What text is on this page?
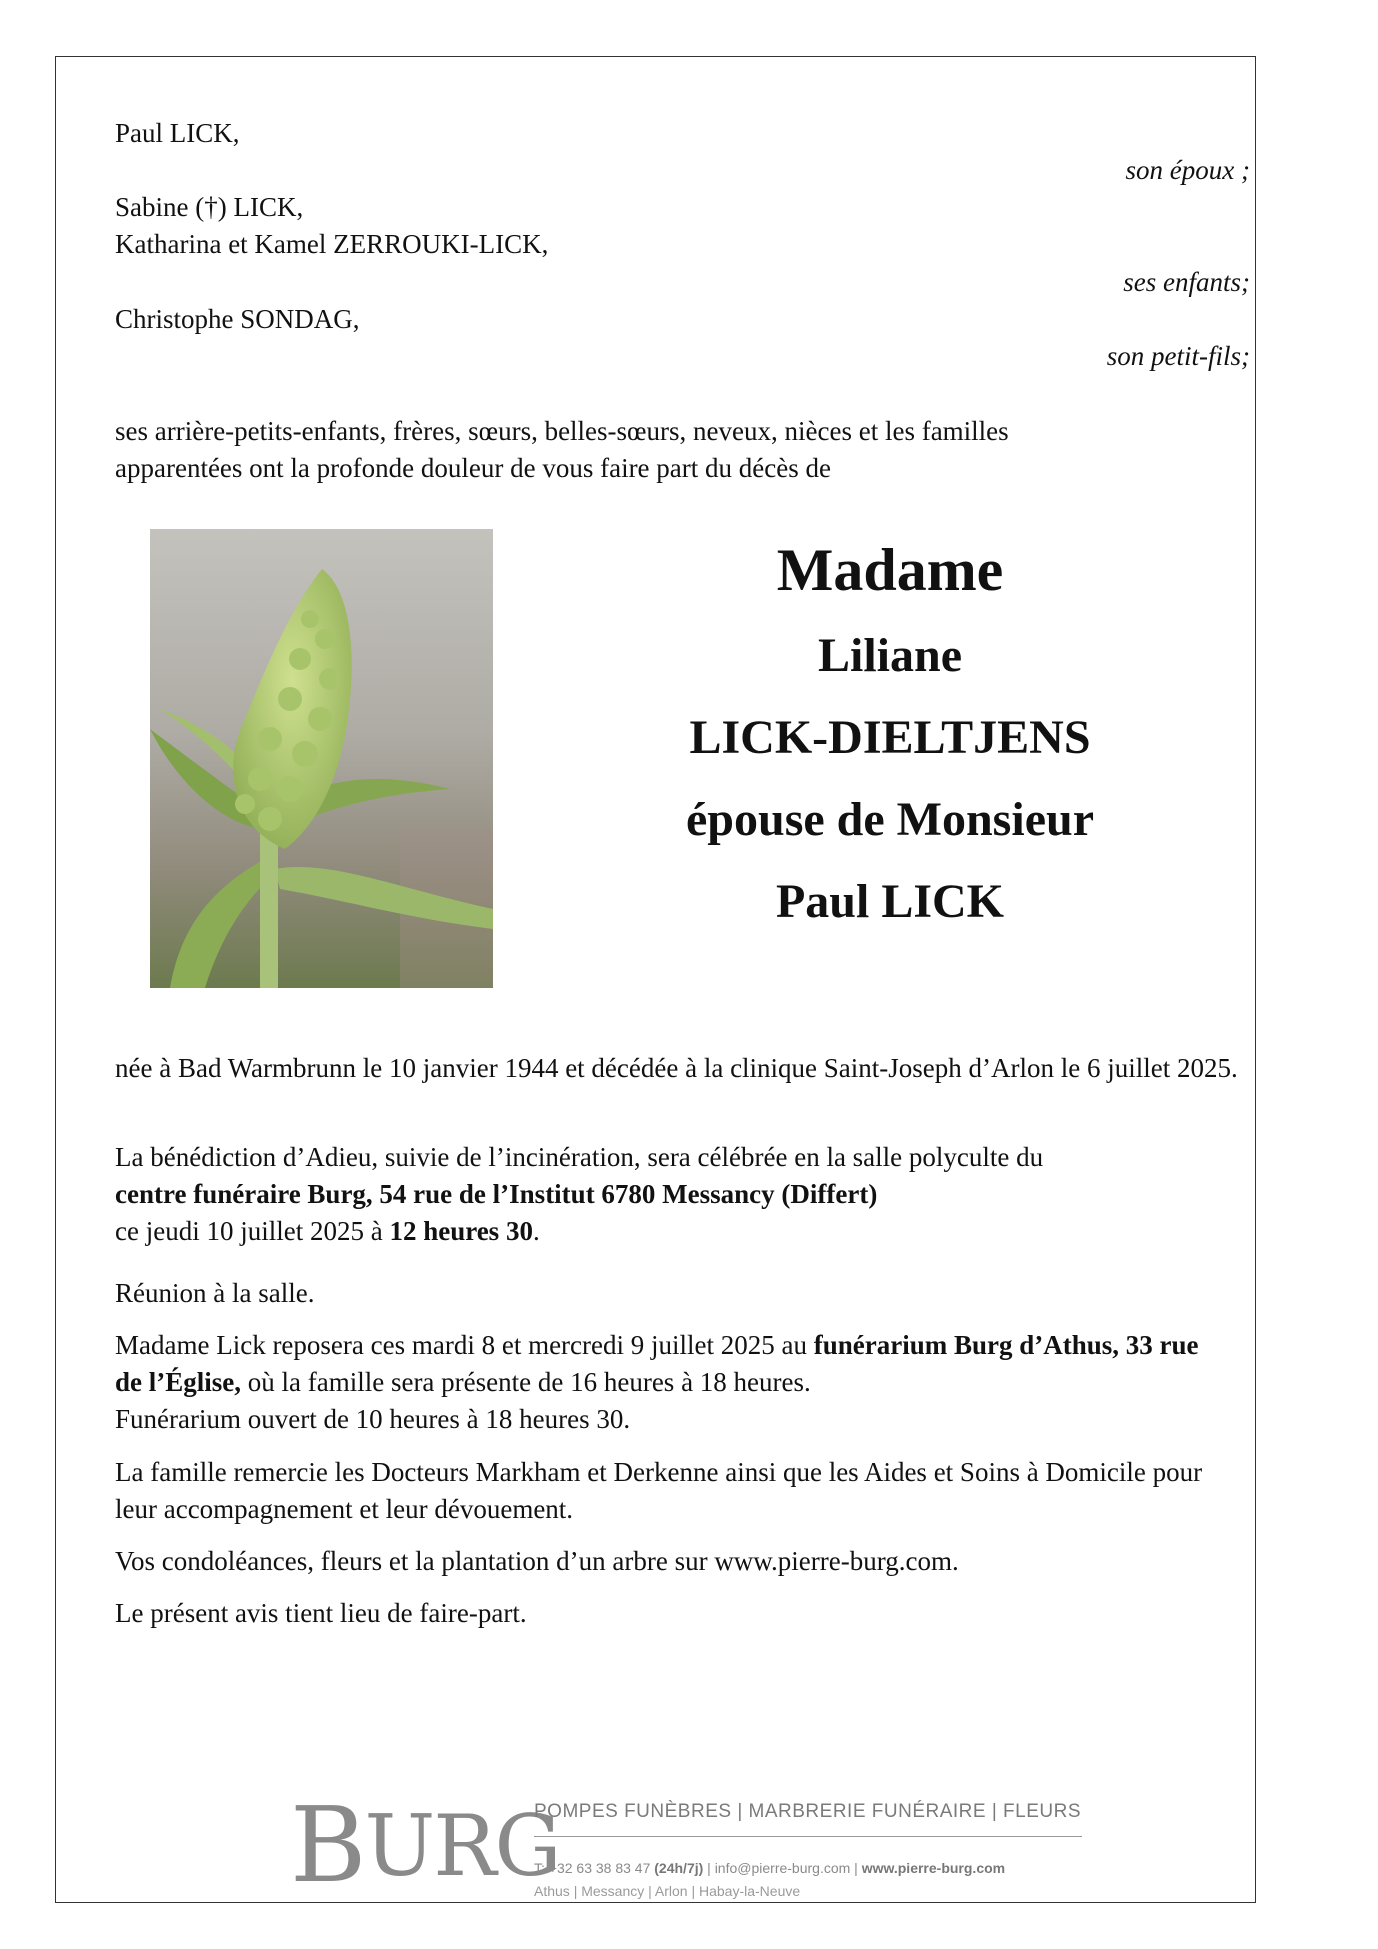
Paul LICK,
son époux ;
Sabine (†) LICK,
Katharina et Kamel ZERROUKI-LICK,
ses enfants;
Christophe SONDAG,
son petit-fils;
ses arrière-petits-enfants, frères, sœurs, belles-sœurs, neveux, nièces et les familles
apparentées ont la profonde douleur de vous faire part du décès de
Madame
Liliane
LICK-DIELTJENS
épouse de Monsieur
Paul LICK
née à Bad Warmbrunn le 10 janvier 1944 et décédée à la clinique Saint-Joseph d’Arlon le 6 juillet 2025.
La bénédiction d’Adieu, suivie de l’incinération, sera célébrée en la salle polyculte du
centre funéraire Burg, 54 rue de l’Institut 6780 Messancy (Differt)
ce jeudi 10 juillet 2025 à 12 heures 30.
Réunion à la salle.
Madame Lick reposera ces mardi 8 et mercredi 9 juillet 2025 au funérarium Burg d’Athus, 33 rue de l’Église, où la famille sera présente de 16 heures à 18 heures.
Funérarium ouvert de 10 heures à 18 heures 30.
La famille remercie les Docteurs Markham et Derkenne ainsi que les Aides et Soins à Domicile pour leur accompagnement et leur dévouement.
Vos condoléances, fleurs et la plantation d’un arbre sur www.pierre-burg.com.
Le présent avis tient lieu de faire-part.
BURG
POMPES FUNÈBRES | MARBRERIE FUNÉRAIRE | FLEURS
T: +32 63 38 83 47 (24h/7j) | info@pierre-burg.com | www.pierre-burg.com
Athus | Messancy | Arlon | Habay-la-Neuve
